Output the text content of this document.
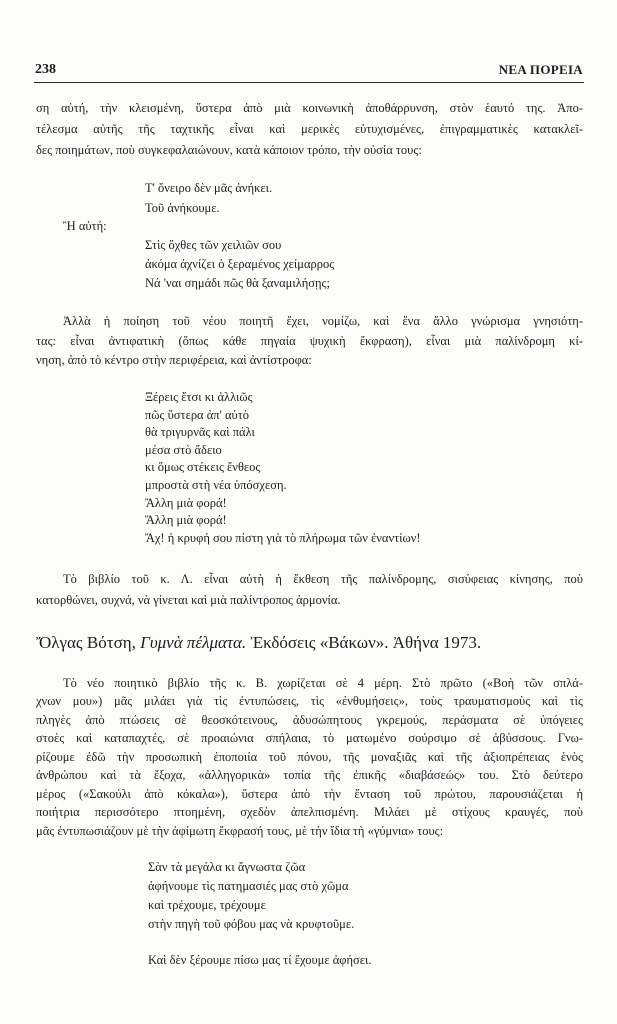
238	ΝΕΑ ΠΟΡΕΙΑ
ση αὐτή, τὴν κλεισμένη, ὕστερα ἀπὸ μιὰ κοινωνικὴ ἀποθάρρυνση, στὸν ἑαυτό της. Ἀπο-
τέλεσμα αὐτῆς τῆς ταχτικῆς εἶναι καὶ μερικὲς εὐτυχισμένες, ἐπιγραμματικὲς κατακλεῖ-
δες ποιημάτων, ποὺ συγκεφαλαιώνουν, κατὰ κάποιον τρόπο, τὴν οὐσία τους:
Τ' ὄνειρο δὲν μᾶς ἀνήκει.
Τοῦ ἀνήκουμε.
Ἢ αὐτή:
Στὶς ὄχθες τῶν χειλιῶν σου
ἀκόμα ἀχνίζει ὁ ξεραμένος χείμαρρος
Νά 'ναι σημάδι πῶς θὰ ξαναμιλήσῃς;
Ἀλλὰ ἡ ποίηση τοῦ νέου ποιητῆ ἔχει, νομίζω, καὶ ἕνα ἄλλο γνώρισμα γνησιότη-
τας: εἶναι ἀντιφατικὴ (ὅπως κάθε πηγαία ψυχικὴ ἔκφραση), εἶναι μιὰ παλίνδρομη κί-
νηση, ἀπὸ τὸ κέντρο στὴν περιφέρεια, καὶ ἀντίστροφα:
Ξέρεις ἔτσι κι ἀλλιῶς
πῶς ὕστερα ἀπ' αὐτὸ
θὰ τριγυρνᾶς καὶ πάλι
μέσα στὸ ἄδειο
κι ὅμως στέκεις ἔνθεος
μπροστὰ στὴ νέα ὑπόσχεση.
Ἄλλη μιὰ φορά!
Ἄλλη μιὰ φορά!
Ἄχ! ἡ κρυφή σου πίστη γιὰ τὸ πλήρωμα τῶν ἐναντίων!
Τὸ βιβλίο τοῦ κ. Λ. εἶναι αὐτὴ ἡ ἔκθεση τῆς παλίνδρομης, σισύφειας κίνησης, ποὺ
κατορθώνει, συχνά, νὰ γίνεται καὶ μιὰ παλίντροπος ἁρμονία.
Ὄλγας Βότση, Γυμνὰ πέλματα. Ἐκδόσεις «Βάκων». Ἀθήνα 1973.
Τὸ νέο ποιητικὸ βιβλίο τῆς κ. Β. χωρίζεται σὲ 4 μέρη. Στὸ πρῶτο («Βοὴ τῶν σπλά-
χνων μου») μᾶς μιλάει γιὰ τὶς ἐντυπώσεις, τὶς «ἐνθυμήσεις», τοὺς τραυματισμοὺς καὶ τὶς
πληγὲς ἀπὸ πτώσεις σὲ θεοσκότεινους, ἀδυσώπητους γκρεμούς, περάσματα σὲ ὑπόγειες
στοὲς καὶ καταπαχτές, σὲ προαιώνια σπήλαια, τὸ ματωμένο σούρσιμο σὲ ἀβύσσους. Γνω-
ρίζουμε ἐδῶ τὴν προσωπικὴ ἐποποιία τοῦ πόνου, τῆς μοναξιᾶς καὶ τῆς ἀξιοπρέπειας ἑνὸς
ἀνθρώπου καὶ τὰ ἔξοχα, «ἀλληγορικὰ» τοπία τῆς ἐπικῆς «διαβάσεώς» του. Στὸ δεύτερο
μέρος («Σακούλι ἀπὸ κόκαλα»), ὕστερα ἀπὸ τὴν ἔνταση τοῦ πρώτου, παρουσιάζεται ἡ
ποιήτρια περισσότερο πτοημένη, σχεδὸν ἀπελπισμένη. Μιλάει μὲ στίχους κραυγές, ποὺ
μᾶς ἐντυπωσιάζουν μὲ τὴν ἀφίμωτη ἔκφρασή τους, μὲ τὴν ἴδια τὴ «γύμνια» τους:
Σὰν τὰ μεγάλα κι ἄγνωστα ζῶα
ἀφήνουμε τὶς πατημασιές μας στὸ χῶμα
καὶ τρέχουμε, τρέχουμε
στὴν πηγὴ τοῦ φόβου μας νὰ κρυφτοῦμε.
Καὶ δὲν ξέρουμε πίσω μας τί ἔχουμε ἀφήσει.
